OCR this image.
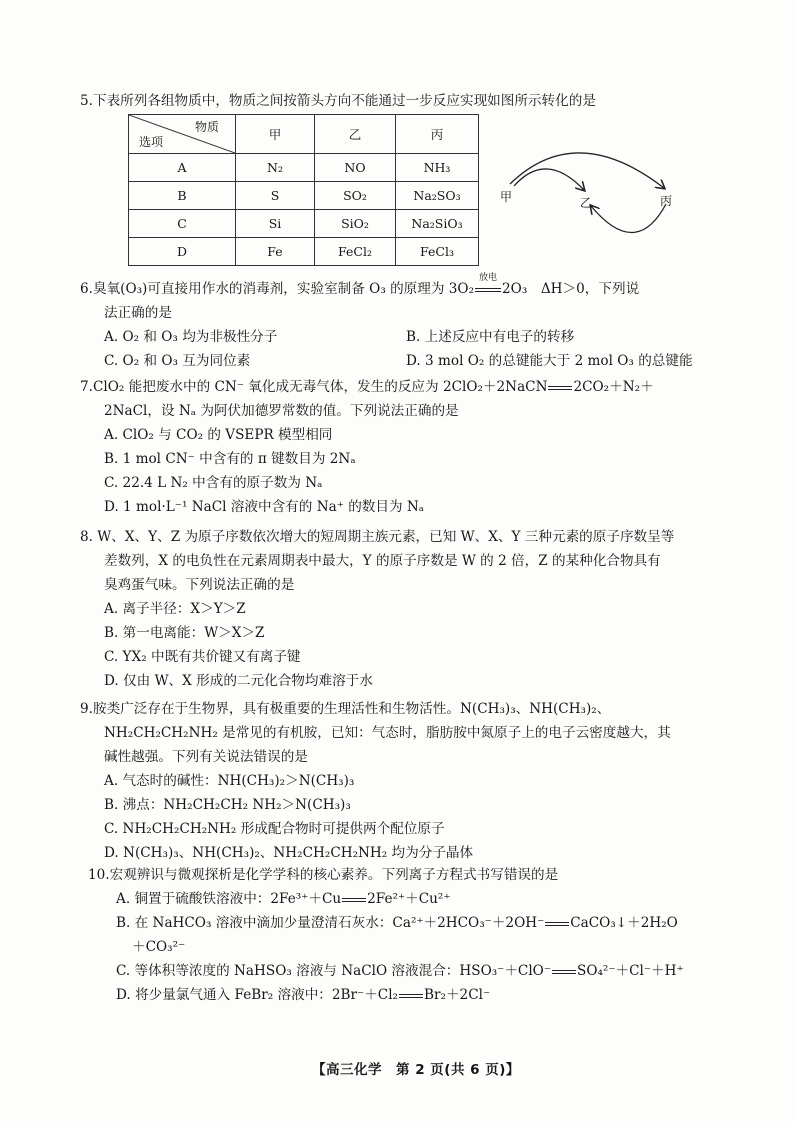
5.下表所列各组物质中，物质之间按箭头方向不能通过一步反应实现如图所示转化的是
物质
选项	甲	乙	丙
A	N₂	NO	NH₃
B	S	SO₂	Na₂SO₃
C	Si	SiO₂	Na₂SiO₃
D	Fe	FeCl₂	FeCl₃
甲	乙	丙
6.臭氧(O₃)可直接用作水的消毒剂，实验室制备 O₃ 的原理为 3O₂
放电
2O₃　ΔH＞0，下列说
法正确的是
A. O₂ 和 O₃ 均为非极性分子	B. 上述反应中有电子的转移
C. O₂ 和 O₃ 互为同位素	D. 3 mol O₂ 的总键能大于 2 mol O₃ 的总键能
7.ClO₂ 能把废水中的 CN⁻ 氧化成无毒气体，发生的反应为 2ClO₂＋2NaCN 2CO₂＋N₂＋
2NaCl，设 Nₐ 为阿伏加德罗常数的值。下列说法正确的是
A. ClO₂ 与 CO₂ 的 VSEPR 模型相同
B. 1 mol CN⁻ 中含有的 π 键数目为 2Nₐ
C. 22.4 L N₂ 中含有的原子数为 Nₐ
D. 1 mol·L⁻¹ NaCl 溶液中含有的 Na⁺ 的数目为 Nₐ
8. W、X、Y、Z 为原子序数依次增大的短周期主族元素，已知 W、X、Y 三种元素的原子序数呈等
差数列，X 的电负性在元素周期表中最大，Y 的原子序数是 W 的 2 倍，Z 的某种化合物具有
臭鸡蛋气味。下列说法正确的是
A. 离子半径：X＞Y＞Z
B. 第一电离能：W＞X＞Z
C. YX₂ 中既有共价键又有离子键
D. 仅由 W、X 形成的二元化合物均难溶于水
9.胺类广泛存在于生物界，具有极重要的生理活性和生物活性。N(CH₃)₃、NH(CH₃)₂、
NH₂CH₂CH₂NH₂ 是常见的有机胺，已知：气态时，脂肪胺中氮原子上的电子云密度越大，其
碱性越强。下列有关说法错误的是
A. 气态时的碱性：NH(CH₃)₂＞N(CH₃)₃
B. 沸点：NH₂CH₂CH₂ NH₂＞N(CH₃)₃
C. NH₂CH₂CH₂NH₂ 形成配合物时可提供两个配位原子
D. N(CH₃)₃、NH(CH₃)₂、NH₂CH₂CH₂NH₂ 均为分子晶体
10.宏观辨识与微观探析是化学学科的核心素养。下列离子方程式书写错误的是
A. 铜置于硫酸铁溶液中：2Fe³⁺＋Cu 2Fe²⁺＋Cu²⁺
B. 在 NaHCO₃ 溶液中滴加少量澄清石灰水：Ca²⁺＋2HCO₃⁻＋2OH⁻ CaCO₃↓＋2H₂O
＋CO₃²⁻
C. 等体积等浓度的 NaHSO₃ 溶液与 NaClO 溶液混合：HSO₃⁻＋ClO⁻ SO₄²⁻＋Cl⁻＋H⁺
D. 将少量氯气通入 FeBr₂ 溶液中：2Br⁻＋Cl₂ Br₂＋2Cl⁻
【高三化学　第 2 页(共 6 页)】
